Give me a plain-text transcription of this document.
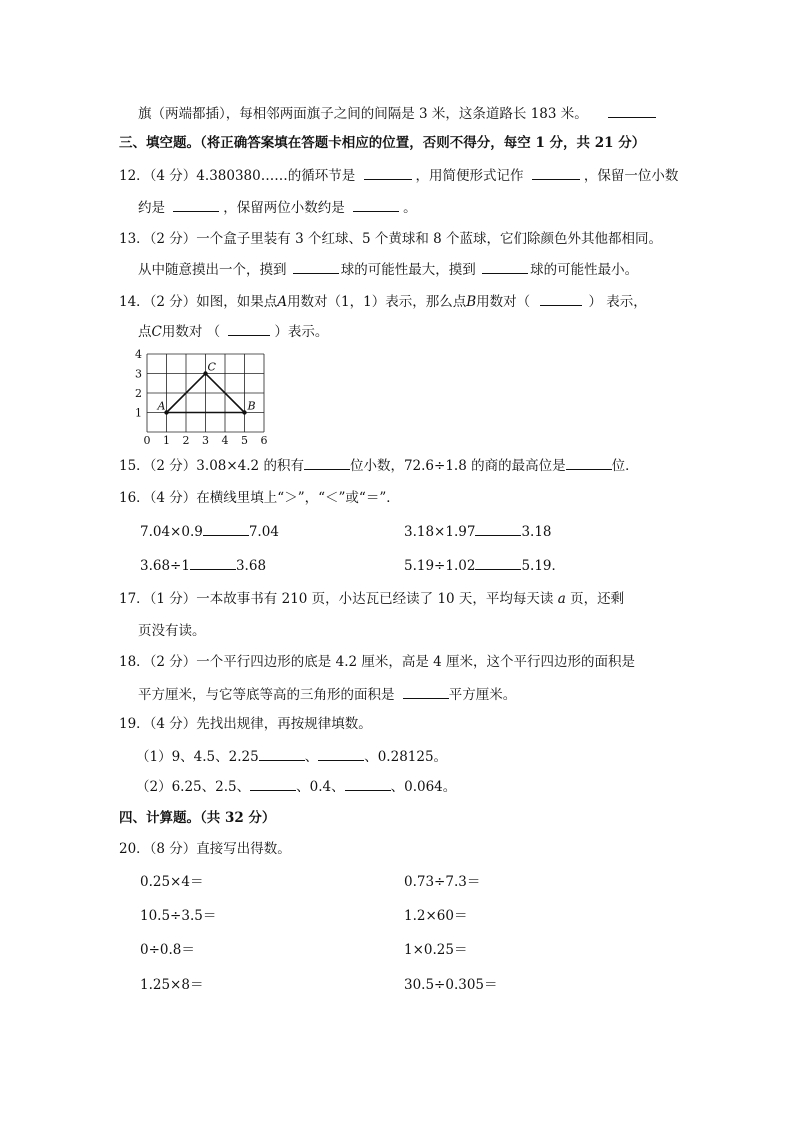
旗（两端都插），每相邻两面旗子之间的间隔是 3 米，这条道路长 183 米。
三、填空题。（将正确答案填在答题卡相应的位置，否则不得分，每空 1 分，共 21 分）
12．（4 分）4.380380……的循环节是	，用简便形式记作	，保留一位小数
约是	，保留两位小数约是	。
13．（2 分）一个盒子里装有 3 个红球、5 个黄球和 8 个蓝球，它们除颜色外其他都相同。
从中随意摸出一个，摸到	球的可能性最大，摸到	球的可能性最小。
14．（2 分）如图，如果点A用数对（1，1）表示，那么点B用数对（	） 表示，
点C用数对 （	）表示。
0 1 2 3 4 5 6
1
2
3
4
A	B
C
15．（2 分）3.08×4.2 的积有	位小数，72.6÷1.8 的商的最高位是	位．
16．（4 分）在横线里填上“＞”，“＜”或“＝”．
7.04×0.9	7.04	3.18×1.97	3.18
3.68÷1	3.68	5.19÷1.02	5.19．
17．（1 分）一本故事书有 210 页，小达瓦已经读了 10 天，平均每天读 a 页，还剩
页没有读。
18．（2 分）一个平行四边形的底是 4.2 厘米，高是 4 厘米，这个平行四边形的面积是
平方厘米，与它等底等高的三角形的面积是	平方厘米。
19．（4 分）先找出规律，再按规律填数。
（1）9、4.5、2.25	、	、0.28125。
（2）6.25、2.5、	、0.4、	、0.064。
四、计算题。（共 32 分）
20．（8 分）直接写出得数。
0.25×4＝	0.73÷7.3＝
10.5÷3.5＝	1.2×60＝
0÷0.8＝	1×0.25＝
1.25×8＝	30.5÷0.305＝
